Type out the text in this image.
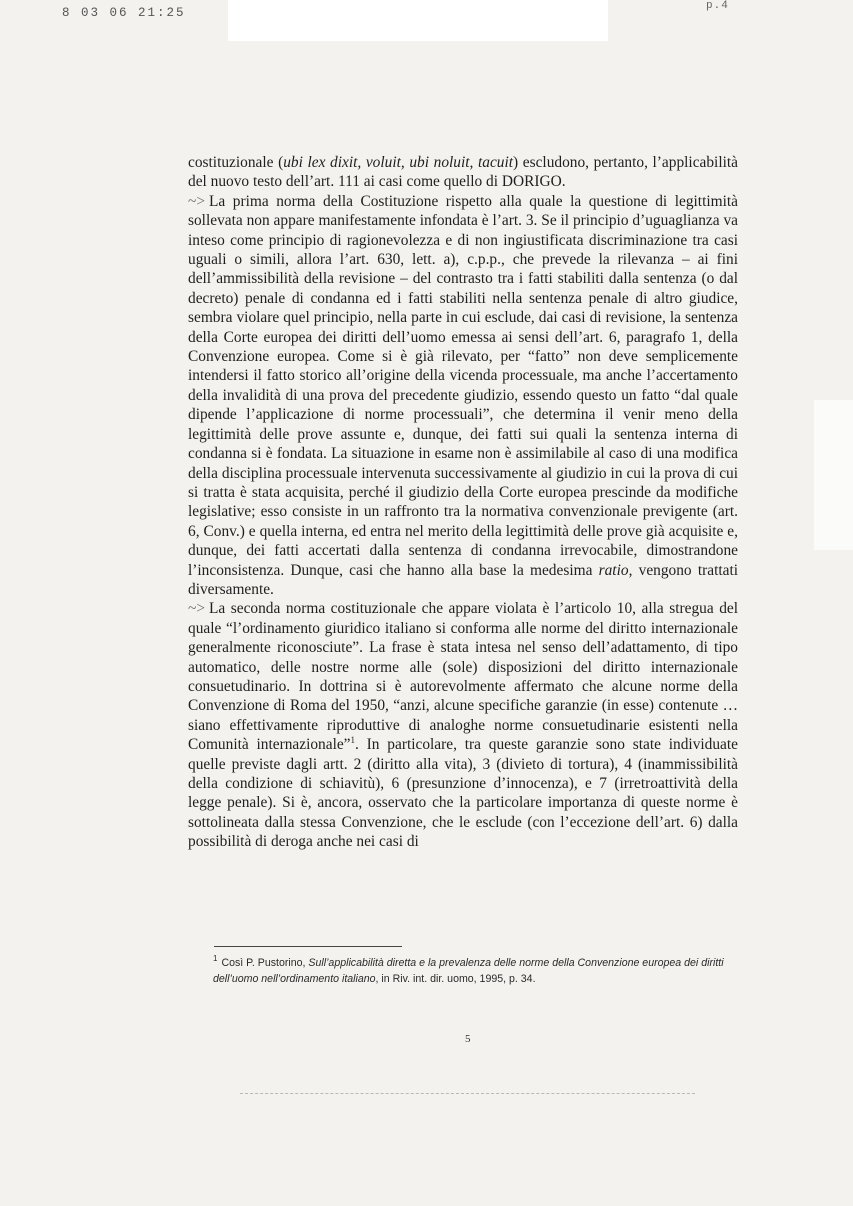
8 03 06 21:25	p.4

costituzionale (ubi lex dixit, voluit, ubi noluit, tacuit) escludono, pertanto, l’applicabilità del nuovo testo dell’art. 111 ai casi come quello di DORIGO.

~> La prima norma della Costituzione rispetto alla quale la questione di legittimità sollevata non appare manifestamente infondata è l’art. 3. Se il principio d’uguaglianza va inteso come principio di ragionevolezza e di non ingiustificata discriminazione tra casi uguali o simili, allora l’art. 630, lett. a), c.p.p., che prevede la rilevanza – ai fini dell’ammissibilità della revisione – del contrasto tra i fatti stabiliti dalla sentenza (o dal decreto) penale di condanna ed i fatti stabiliti nella sentenza penale di altro giudice, sembra violare quel principio, nella parte in cui esclude, dai casi di revisione, la sentenza della Corte europea dei diritti dell’uomo emessa ai sensi dell’art. 6, paragrafo 1, della Convenzione europea. Come si è già rilevato, per “fatto” non deve semplicemente intendersi il fatto storico all’origine della vicenda processuale, ma anche l’accertamento della invalidità di una prova del precedente giudizio, essendo questo un fatto “dal quale dipende l’applicazione di norme processuali”, che determina il venir meno della legittimità delle prove assunte e, dunque, dei fatti sui quali la sentenza interna di condanna si è fondata. La situazione in esame non è assimilabile al caso di una modifica della disciplina processuale intervenuta successivamente al giudizio in cui la prova di cui si tratta è stata acquisita, perché il giudizio della Corte europea prescinde da modifiche legislative; esso consiste in un raffronto tra la normativa convenzionale previgente (art. 6, Conv.) e quella interna, ed entra nel merito della legittimità delle prove già acquisite e, dunque, dei fatti accertati dalla sentenza di condanna irrevocabile, dimostrandone l’inconsistenza. Dunque, casi che hanno alla base la medesima ratio, vengono trattati diversamente.

~> La seconda norma costituzionale che appare violata è l’articolo 10, alla stregua del quale “l’ordinamento giuridico italiano si conforma alle norme del diritto internazionale generalmente riconosciute”. La frase è stata intesa nel senso dell’adattamento, di tipo automatico, delle nostre norme alle (sole) disposizioni del diritto internazionale consuetudinario. In dottrina si è autorevolmente affermato che alcune norme della Convenzione di Roma del 1950, “anzi, alcune specifiche garanzie (in esse) contenute … siano effettivamente riproduttive di analoghe norme consuetudinarie esistenti nella Comunità internazionale”$^1$. In particolare, tra queste garanzie sono state individuate quelle previste dagli artt. 2 (diritto alla vita), 3 (divieto di tortura), 4 (inammissibilità della condizione di schiavitù), 6 (presunzione d’innocenza), e 7 (irretroattività della legge penale). Si è, ancora, osservato che la particolare importanza di queste norme è sottolineata dalla stessa Convenzione, che le esclude (con l’eccezione dell’art. 6) dalla possibilità di deroga anche nei casi di

$^1$ Così P. Pustorino, Sull’applicabilità diretta e la prevalenza delle norme della Convenzione europea dei diritti dell’uomo nell’ordinamento italiano, in Riv. int. dir. uomo, 1995, p. 34.
5
